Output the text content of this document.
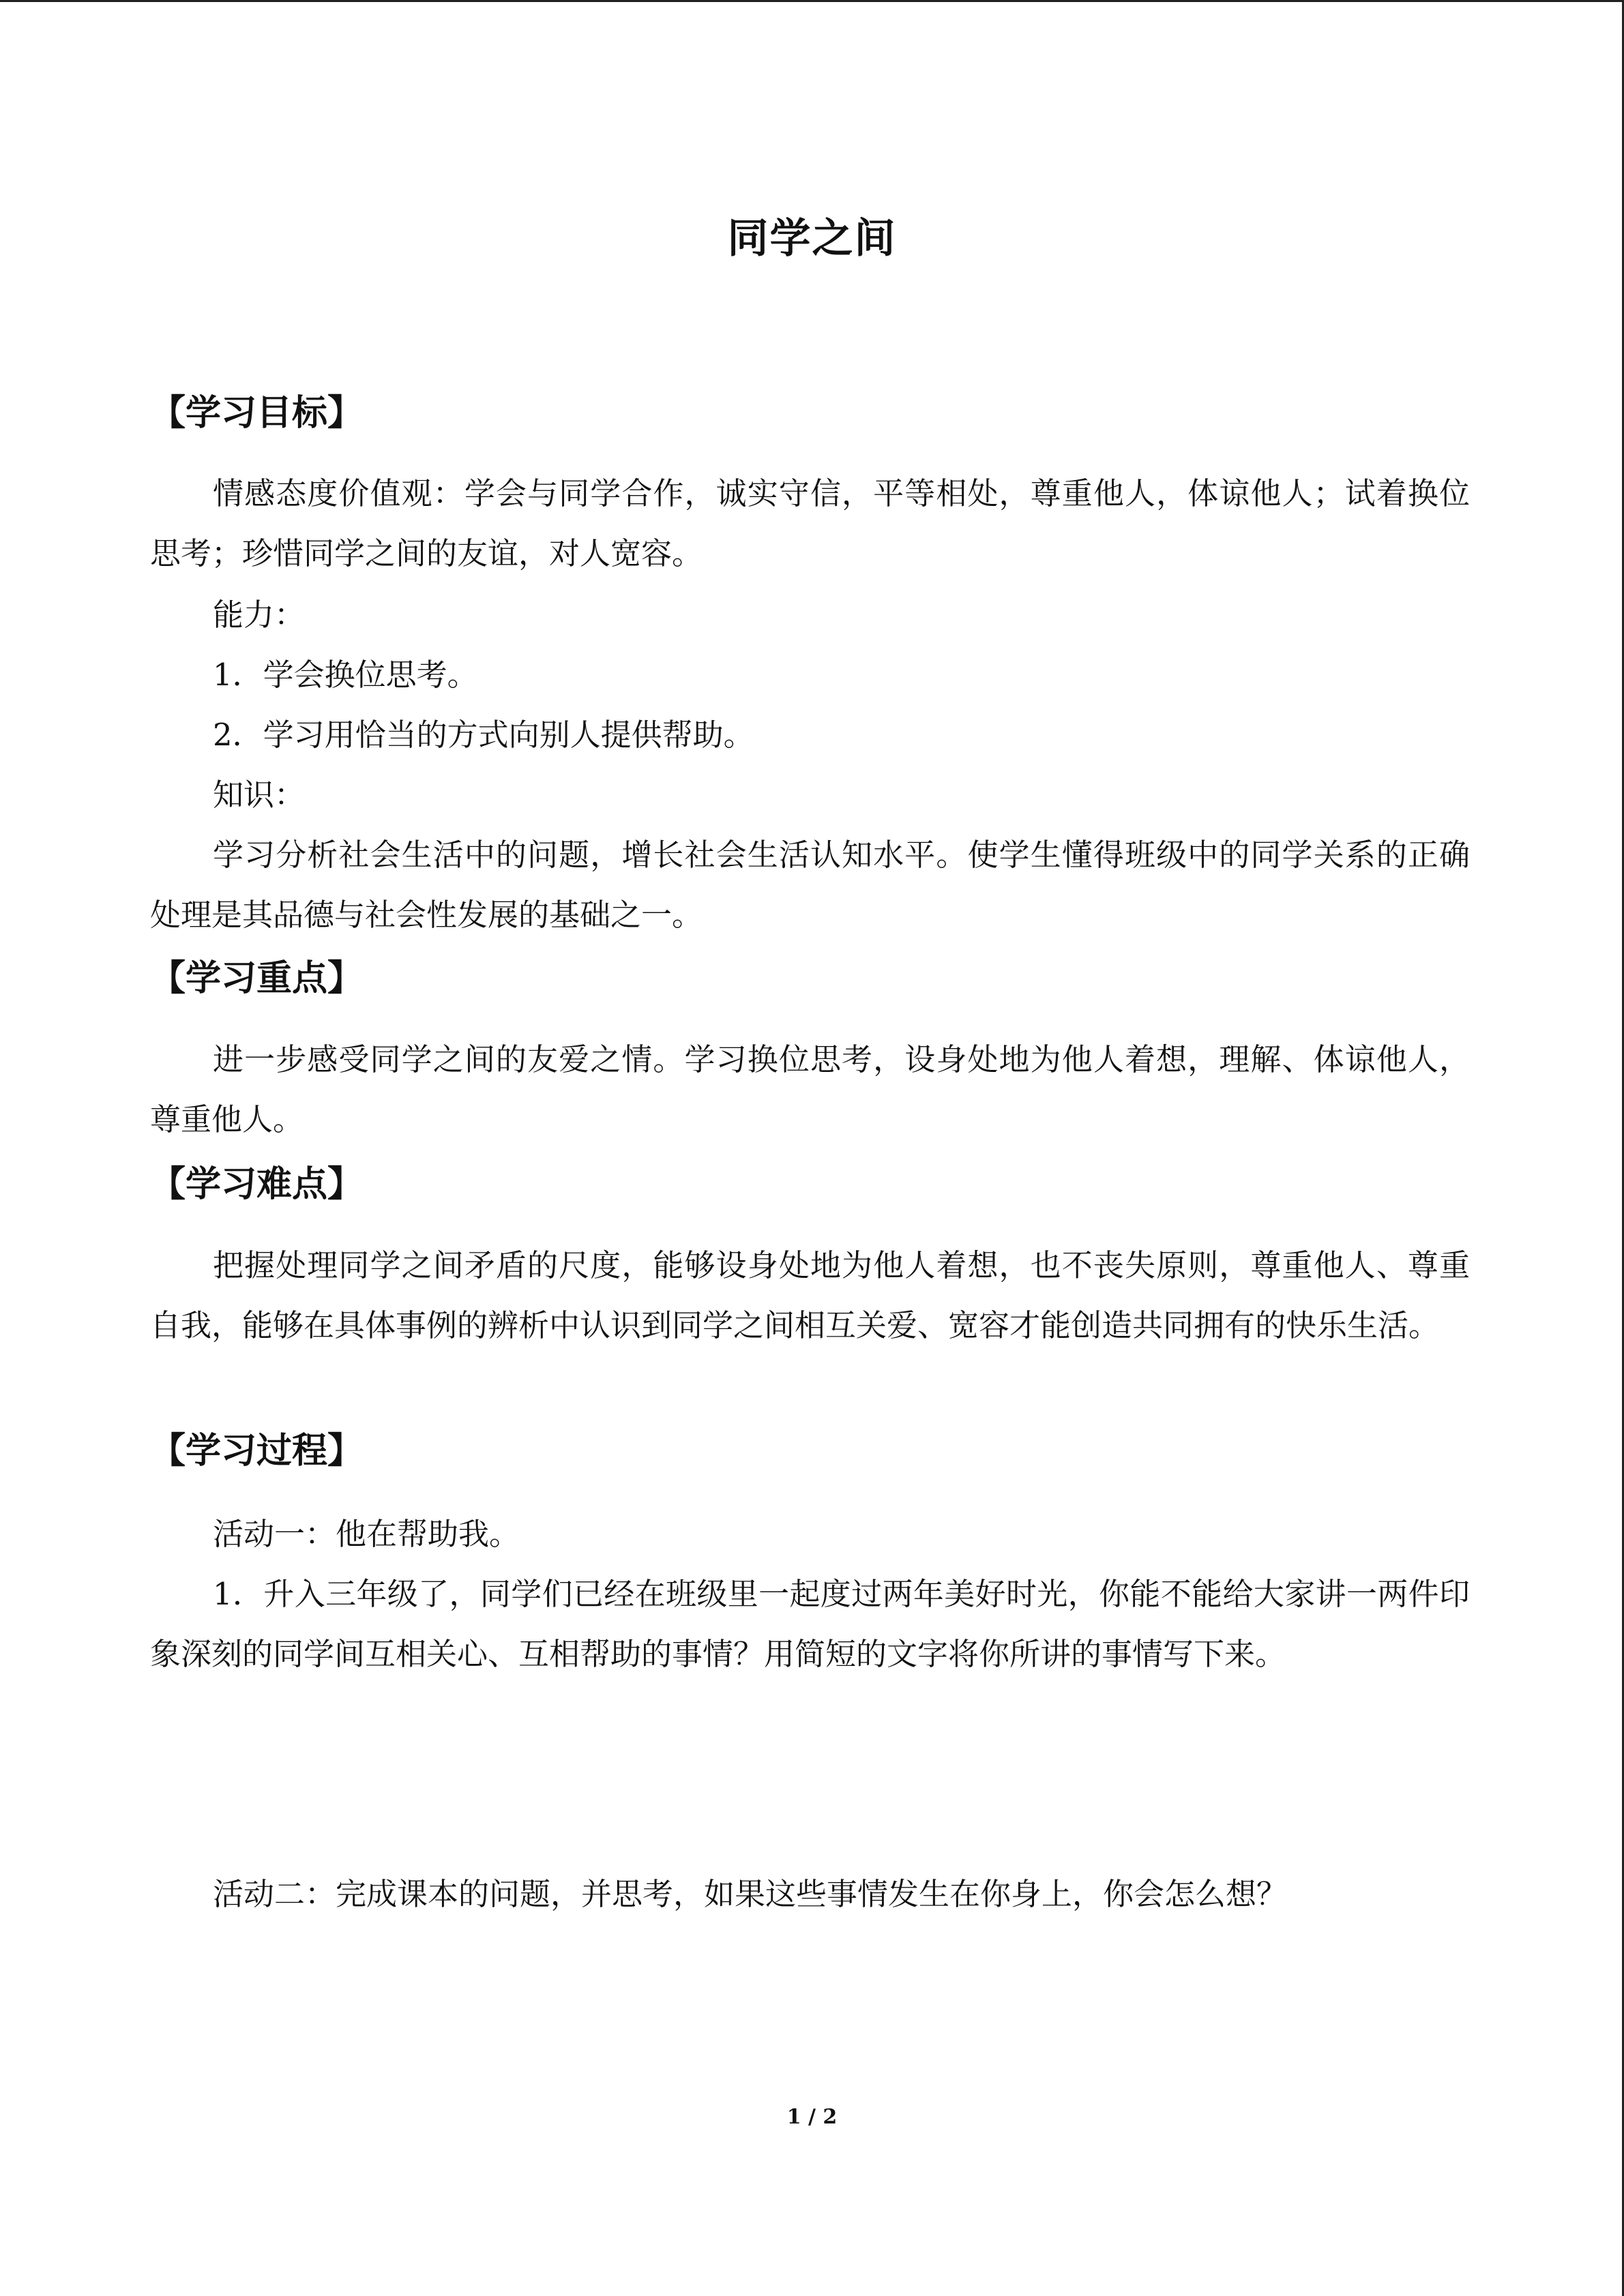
同学之间
【学习目标】

情感态度价值观：学会与同学合作，诚实守信，平等相处，尊重他人，体谅他人；试着换位思考；珍惜同学之间的友谊，对人宽容。

能力：
1．学会换位思考。
2．学习用恰当的方式向别人提供帮助。
知识：

学习分析社会生活中的问题，增长社会生活认知水平。使学生懂得班级中的同学关系的正确处理是其品德与社会性发展的基础之一。

【学习重点】

进一步感受同学之间的友爱之情。学习换位思考，设身处地为他人着想，理解、体谅他人，尊重他人。

【学习难点】

把握处理同学之间矛盾的尺度，能够设身处地为他人着想，也不丧失原则，尊重他人、尊重自我，能够在具体事例的辨析中认识到同学之间相互关爱、宽容才能创造共同拥有的快乐生活。

【学习过程】
活动一：他在帮助我。

1．升入三年级了，同学们已经在班级里一起度过两年美好时光，你能不能给大家讲一两件印象深刻的同学间互相关心、互相帮助的事情？用简短的文字将你所讲的事情写下来。

活动二：完成课本的问题，并思考，如果这些事情发生在你身上，你会怎么想？
1 / 2
